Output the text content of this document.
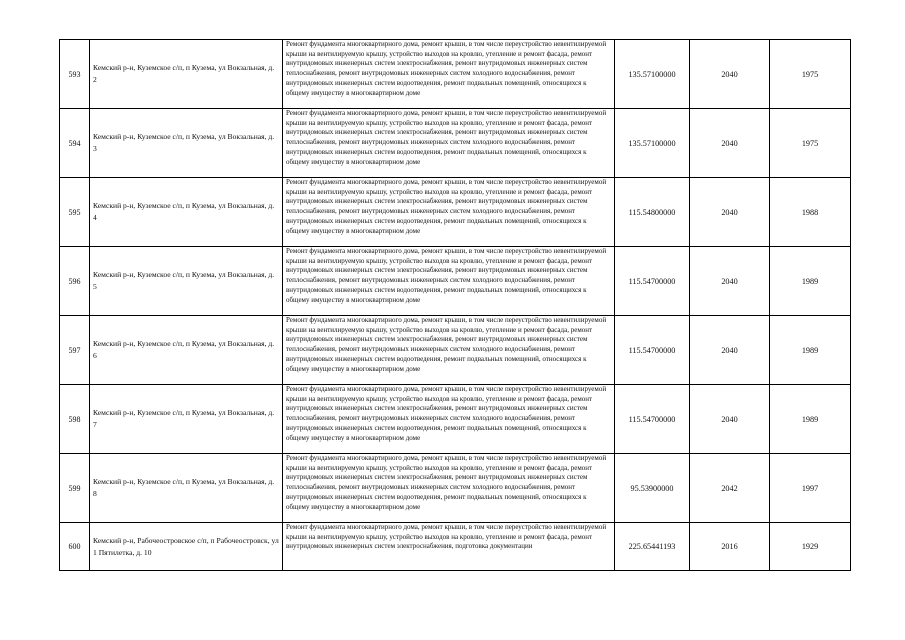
593	Кемский р-н, Куземское с/п, п Кузема, ул Вокзальная, д. 2	Ремонт фундамента многоквартирного дома, ремонт крыши, в том числе переустройство невентилируемой крыши на вентилируемую крышу, устройство выходов на кровлю, утепление и ремонт фасада, ремонт внутридомовых инженерных систем электроснабжения, ремонт внутридомовых инженерных систем теплоснабжения, ремонт внутридомовых инженерных систем холодного водоснабжения, ремонт внутридомовых инженерных систем водоотведения, ремонт подвальных помещений, относящихся к общему имуществу в многоквартирном доме	135.57100000	2040	1975
594	Кемский р-н, Куземское с/п, п Кузема, ул Вокзальная, д. 3	Ремонт фундамента многоквартирного дома, ремонт крыши, в том числе переустройство невентилируемой крыши на вентилируемую крышу, устройство выходов на кровлю, утепление и ремонт фасада, ремонт внутридомовых инженерных систем электроснабжения, ремонт внутридомовых инженерных систем теплоснабжения, ремонт внутридомовых инженерных систем холодного водоснабжения, ремонт внутридомовых инженерных систем водоотведения, ремонт подвальных помещений, относящихся к общему имуществу в многоквартирном доме	135.57100000	2040	1975
595	Кемский р-н, Куземское с/п, п Кузема, ул Вокзальная, д. 4	Ремонт фундамента многоквартирного дома, ремонт крыши, в том числе переустройство невентилируемой крыши на вентилируемую крышу, устройство выходов на кровлю, утепление и ремонт фасада, ремонт внутридомовых инженерных систем электроснабжения, ремонт внутридомовых инженерных систем теплоснабжения, ремонт внутридомовых инженерных систем холодного водоснабжения, ремонт внутридомовых инженерных систем водоотведения, ремонт подвальных помещений, относящихся к общему имуществу в многоквартирном доме	115.54800000	2040	1988
596	Кемский р-н, Куземское с/п, п Кузема, ул Вокзальная, д. 5	Ремонт фундамента многоквартирного дома, ремонт крыши, в том числе переустройство невентилируемой крыши на вентилируемую крышу, устройство выходов на кровлю, утепление и ремонт фасада, ремонт внутридомовых инженерных систем электроснабжения, ремонт внутридомовых инженерных систем теплоснабжения, ремонт внутридомовых инженерных систем холодного водоснабжения, ремонт внутридомовых инженерных систем водоотведения, ремонт подвальных помещений, относящихся к общему имуществу в многоквартирном доме	115.54700000	2040	1989
597	Кемский р-н, Куземское с/п, п Кузема, ул Вокзальная, д. 6	Ремонт фундамента многоквартирного дома, ремонт крыши, в том числе переустройство невентилируемой крыши на вентилируемую крышу, устройство выходов на кровлю, утепление и ремонт фасада, ремонт внутридомовых инженерных систем электроснабжения, ремонт внутридомовых инженерных систем теплоснабжения, ремонт внутридомовых инженерных систем холодного водоснабжения, ремонт внутридомовых инженерных систем водоотведения, ремонт подвальных помещений, относящихся к общему имуществу в многоквартирном доме	115.54700000	2040	1989
598	Кемский р-н, Куземское с/п, п Кузема, ул Вокзальная, д. 7	Ремонт фундамента многоквартирного дома, ремонт крыши, в том числе переустройство невентилируемой крыши на вентилируемую крышу, устройство выходов на кровлю, утепление и ремонт фасада, ремонт внутридомовых инженерных систем электроснабжения, ремонт внутридомовых инженерных систем теплоснабжения, ремонт внутридомовых инженерных систем холодного водоснабжения, ремонт внутридомовых инженерных систем водоотведения, ремонт подвальных помещений, относящихся к общему имуществу в многоквартирном доме	115.54700000	2040	1989
599	Кемский р-н, Куземское с/п, п Кузема, ул Вокзальная, д. 8	Ремонт фундамента многоквартирного дома, ремонт крыши, в том числе переустройство невентилируемой крыши на вентилируемую крышу, устройство выходов на кровлю, утепление и ремонт фасада, ремонт внутридомовых инженерных систем электроснабжения, ремонт внутридомовых инженерных систем теплоснабжения, ремонт внутридомовых инженерных систем холодного водоснабжения, ремонт внутридомовых инженерных систем водоотведения, ремонт подвальных помещений, относящихся к общему имуществу в многоквартирном доме	95.53900000	2042	1997
600	Кемский р-н, Рабочеостровское с/п, п Рабочеостровск, ул 1 Пятилетка, д. 10	Ремонт фундамента многоквартирного дома, ремонт крыши, в том числе переустройство невентилируемой крыши на вентилируемую крышу, устройство выходов на кровлю, утепление и ремонт фасада, ремонт внутридомовых инженерных систем электроснабжения, подготовка документации	225.65441193	2016	1929
